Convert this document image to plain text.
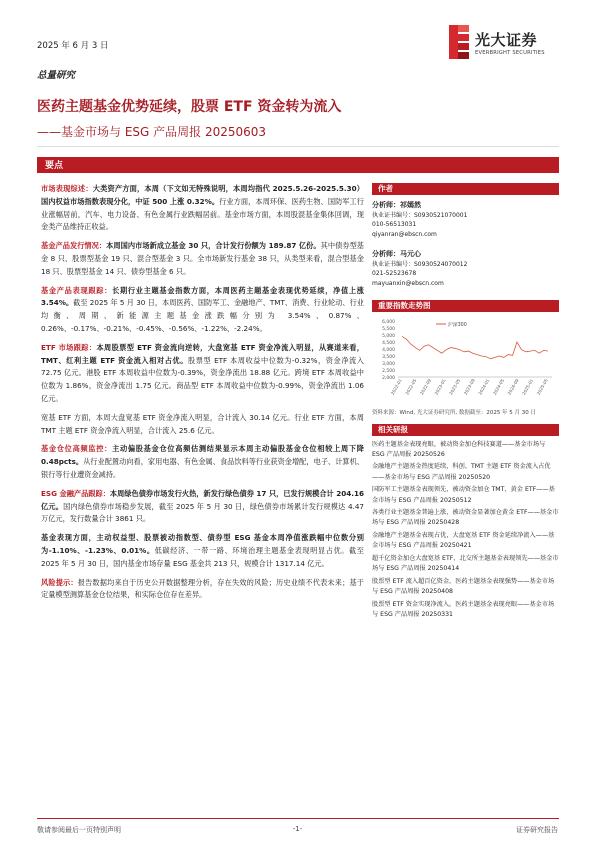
2025 年 6 月 3 日	光大证券
EVERBRIGHT SECURITIES
总量研究
医药主题基金优势延续，股票 ETF 资金转为流入
——基金市场与 ESG 产品周报 20250603
要点

市场表现综述：大类资产方面，本周（下文如无特殊说明，本周均指代 2025.5.26-2025.5.30）国内权益市场指数表现分化，中证 500 上涨 0.32%。行业方面，本周环保、医药生物、国防军工行业涨幅居前，汽车、电力设备、有色金属行业跌幅居前。基金市场方面，本周股混基金集体回调，现金类产品维持正收益。

基金产品发行情况：本周国内市场新成立基金 30 只，合计发行份额为 189.87 亿份。其中债券型基金 8 只、股票型基金 19 只、混合型基金 3 只。全市场新发行基金 38 只，从类型来看，混合型基金 18 只、股票型基金 14 只、债券型基金 6 只。

基金产品表现跟踪：长期行业主题基金指数方面，本周医药主题基金表现优势延续，净值上涨 3.54%。截至 2025 年 5 月 30 日，本周医药、国防军工、金融地产、TMT、消费、行业轮动、行业均衡、周期、新能源主题基金涨跌幅分别为 3.54%、0.87%、0.26%、-0.17%、-0.21%、-0.45%、-0.56%、-1.22%、-2.24%。

ETF 市场跟踪：本周股票型 ETF 资金流向逆转，大盘宽基 ETF 资金净流入明显，从赛道来看，TMT、红利主题 ETF 资金流入相对占优。股票型 ETF 本周收益中位数为-0.32%，资金净流入 72.75 亿元。港股 ETF 本周收益中位数为-0.39%，资金净流出 18.88 亿元。跨境 ETF 本周收益中位数为 1.86%，资金净流出 1.75 亿元。商品型 ETF 本周收益中位数为-0.99%，资金净流出 1.06 亿元。

宽基 ETF 方面，本周大盘宽基 ETF 资金净流入明显，合计流入 30.14 亿元。行业 ETF 方面，本周 TMT 主题 ETF 资金净流入明显，合计流入 25.6 亿元。

基金仓位高频监控：主动偏股基金仓位高频估测结果显示本周主动偏股基金仓位相较上周下降 0.48pcts。从行业配置动向看，家用电器、有色金属、食品饮料等行业获资金增配，电子、计算机、银行等行业遭资金减持。

ESG 金融产品跟踪：本周绿色债券市场发行火热，新发行绿色债券 17 只，已发行规模合计 204.16 亿元。国内绿色债券市场稳步发展，截至 2025 年 5 月 30 日，绿色债券市场累计发行规模达 4.47 万亿元，发行数量合计 3861 只。

基金表现方面，主动权益型、股票被动指数型、债券型 ESG 基金本周净值涨跌幅中位数分别为-1.10%、-1.23%、0.01%。低碳经济、一带一路、环境治理主题基金表现明显占优。截至 2025 年 5 月 30 日，国内基金市场存量 ESG 基金共 213 只，规模合计 1317.14 亿元。

风险提示：报告数据均来自于历史公开数据整理分析，存在失效的风险；历史业绩不代表未来；基于定量模型测算基金仓位结果，和实际仓位存在差异。

作者
分析师：祁嫣然
执业证书编号：S0930521070001
010-56513031
qiyanran@ebscn.com
分析师：马元心
执业证书编号：S0930524070012
021-52523678
mayuanxin@ebscn.com
重要指数走势图
2,000
2,500
3,000
3,500
4,000
4,500
5,000
5,500
6,000
2022-01 2022-05 2022-09 2023-01 2023-05 2023-09 2024-01 2024-05 2024-09 2025-01 2025-05
沪深300
资料来源：Wind, 光大证券研究所, 数据截至：2025 年 5 月 30 日
相关研报
医药主题基金表现亮眼，被动资金加仓科技赛道——基金市场与 ESG 产品周报 20250526
金融地产主题基金热度延续，科创、TMT 主题 ETF 资金流入占优——基金市场与 ESG 产品周报 20250520
国防军工主题基金表现领先，被动资金加仓 TMT、黄金 ETF——基金市场与 ESG 产品周报 20250512
各类行业主题基金普遍上涨，被动资金显著加仓黄金 ETF——基金市场与 ESG 产品周报 20250428
金融地产主题基金表现占优，大盘宽基 ETF 资金延续净流入——基金市场与 ESG 产品周报 20250421
超千亿资金加仓大盘宽基 ETF，北交所主题基金表现领先——基金市场与 ESG 产品周报 20250414
股票型 ETF 流入超百亿资金，医药主题基金表现强势——基金市场与 ESG 产品周报 20250408
股票型 ETF 资金实现净流入，医药主题基金表现亮眼——基金市场与 ESG 产品周报 20250331
敬请参阅最后一页特别声明	-1-	证券研究报告
